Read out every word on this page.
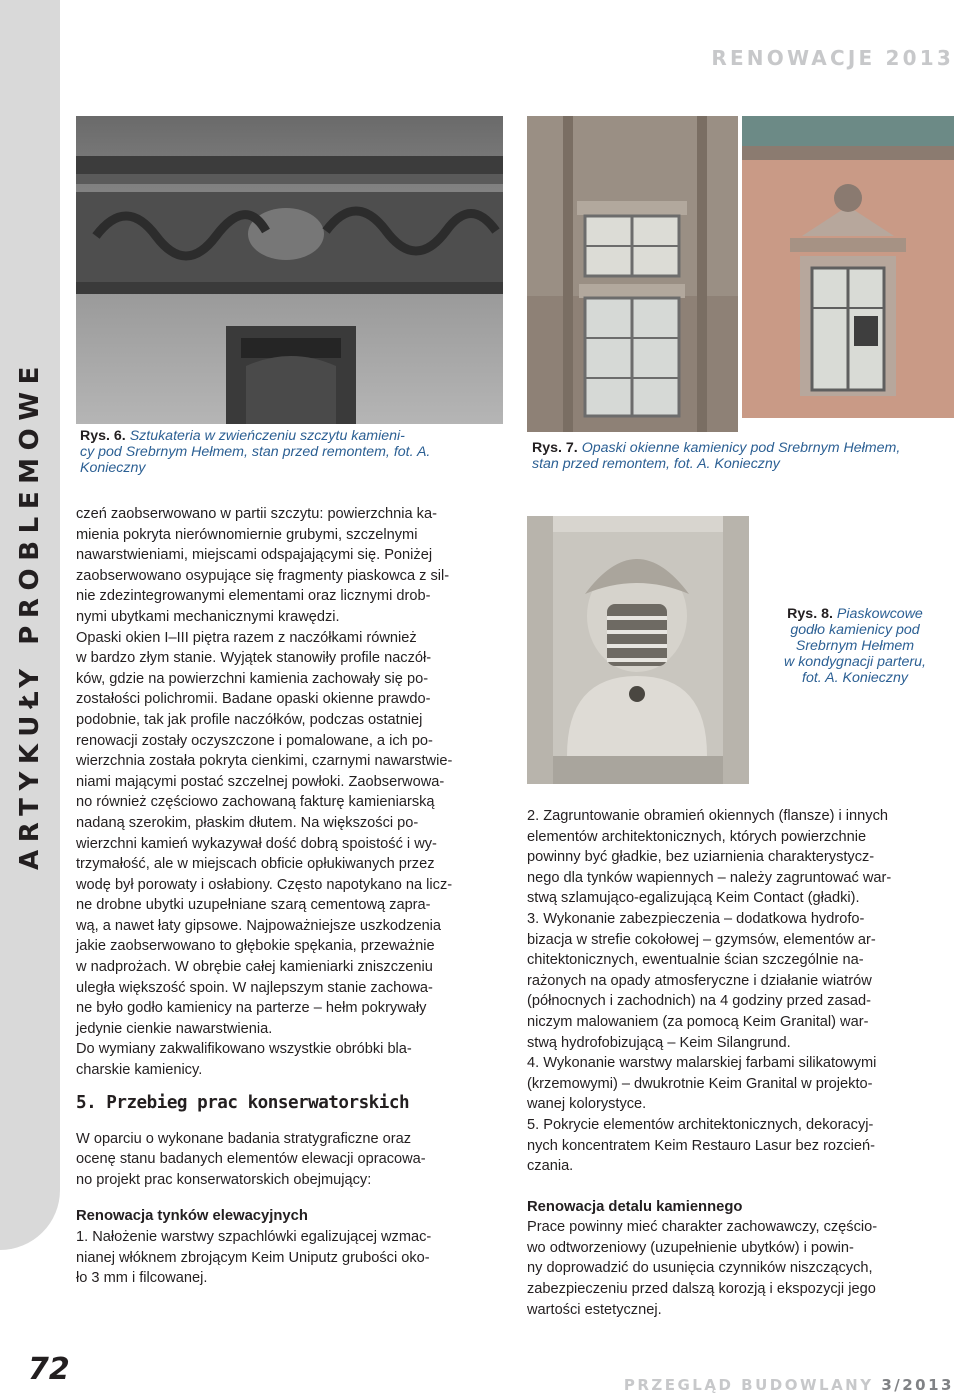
ARTYKUŁY PROBLEMOWE
72
RENOWACJE 2013
Rys. 6. Sztukateria w zwieńczeniu szczytu kamieni-
cy pod Srebrnym Hełmem, stan przed remontem, fot. A.
Konieczny
Rys. 7. Opaski okienne kamienicy pod Srebrnym Hełmem,
stan przed remontem, fot. A. Konieczny
Rys. 8. Piaskowcowe
godło kamienicy pod
Srebrnym Hełmem
w kondygnacji parteru,
fot. A. Konieczny

czeń zaobserwowano w partii szczytu: powierzchnia ka-
mienia pokryta nierównomiernie grubymi, szczelnymi
nawarstwieniami, miejscami odspajającymi się. Poniżej
zaobserwowano osypujące się fragmenty piaskowca z sil-
nie zdezintegrowanymi elementami oraz licznymi drob-
nymi ubytkami mechanicznymi krawędzi.

Opaski okien I–III piętra razem z naczółkami również
w bardzo złym stanie. Wyjątek stanowiły profile naczół-
ków, gdzie na powierzchni kamienia zachowały się po-
zostałości polichromii. Badane opaski okienne prawdo-
podobnie, tak jak profile naczółków, podczas ostatniej
renowacji zostały oczyszczone i pomalowane, a ich po-
wierzchnia została pokryta cienkimi, czarnymi nawarstwie-
niami mającymi postać szczelnej powłoki. Zaobserwowa-
no również częściowo zachowaną fakturę kamieniarską
nadaną szerokim, płaskim dłutem. Na większości po-
wierzchni kamień wykazywał dość dobrą spoistość i wy-
trzymałość, ale w miejscach obficie opłukiwanych przez
wodę był porowaty i osłabiony. Często napotykano na licz-
ne drobne ubytki uzupełniane szarą cementową zapra-
wą, a nawet łaty gipsowe. Najpoważniejsze uszkodzenia
jakie zaobserwowano to głębokie spękania, przeważnie
w nadprożach. W obrębie całej kamieniarki zniszczeniu
uległa większość spoin. W najlepszym stanie zachowa-
ne było godło kamienicy na parterze – hełm pokrywały
jedynie cienkie nawarstwienia.

Do wymiany zakwalifikowano wszystkie obróbki bla-
charskie kamienicy.

5. Przebieg prac konserwatorskich

W oparciu o wykonane badania stratygraficzne oraz
ocenę stanu badanych elementów elewacji opracowa-
no projekt prac konserwatorskich obejmujący:

Renowacja tynków elewacyjnych

1. Nałożenie warstwy szpachlówki egalizującej wzmac-
nianej włóknem zbrojącym Keim Uniputz grubości oko-
ło 3 mm i filcowanej.

2. Zagruntowanie obramień okiennych (flansze) i innych
elementów architektonicznych, których powierzchnie
powinny być gładkie, bez uziarnienia charakterystycz-
nego dla tynków wapiennych – należy zagruntować war-
stwą szlamująco-egalizującą Keim Contact (gładki).

3. Wykonanie zabezpieczenia – dodatkowa hydrofo-
bizacja w strefie cokołowej – gzymsów, elementów ar-
chitektonicznych, ewentualnie ścian szczególnie na-
rażonych na opady atmosferyczne i działanie wiatrów
(północnych i zachodnich) na 4 godziny przed zasad-
niczym malowaniem (za pomocą Keim Granital) war-
stwą hydrofobizującą – Keim Silangrund.

4. Wykonanie warstwy malarskiej farbami silikatowymi
(krzemowymi) – dwukrotnie Keim Granital w projekto-
wanej kolorystyce.

5. Pokrycie elementów architektonicznych, dekoracyj-
nych koncentratem Keim Restauro Lasur bez rozcień-
czania.

Renowacja detalu kamiennego

Prace powinny mieć charakter zachowawczy, częścio-
wo odtworzeniowy (uzupełnienie ubytków) i powin-
ny doprowadzić do usunięcia czynników niszczących,
zabezpieczeniu przed dalszą korozją i ekspozycji jego
wartości estetycznej.

PRZEGLĄD BUDOWLANY 3/2013
